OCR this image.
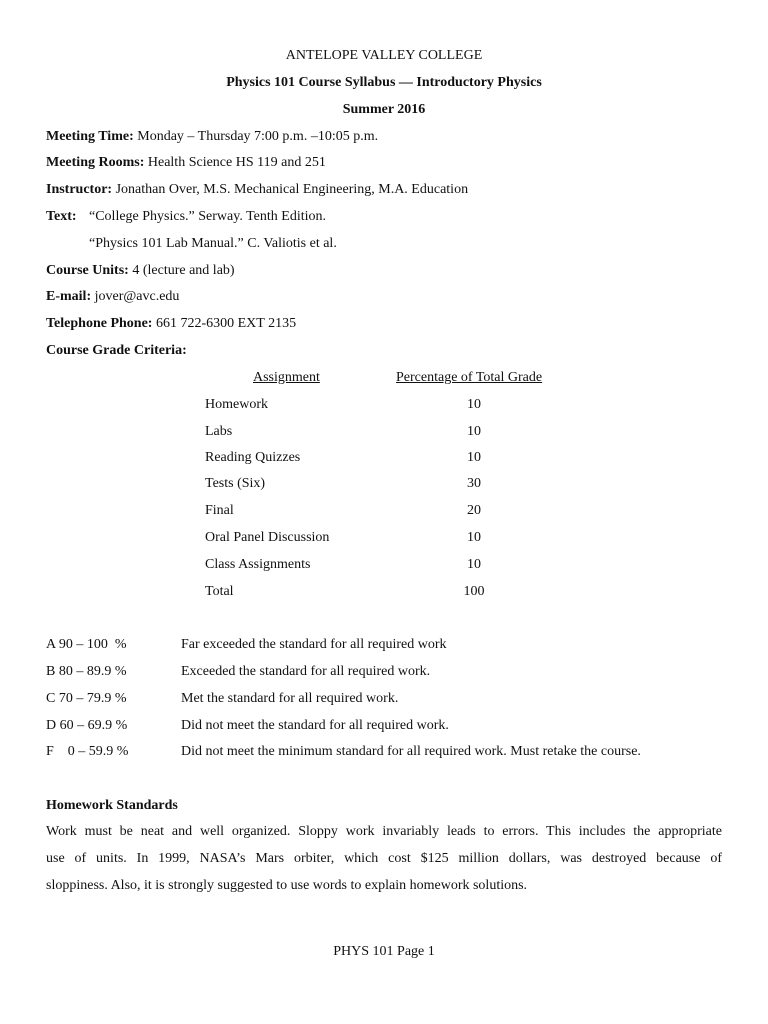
ANTELOPE VALLEY COLLEGE
Physics 101 Course Syllabus — Introductory Physics
Summer 2016
Meeting Time: Monday – Thursday 7:00 p.m. –10:05 p.m.
Meeting Rooms: Health Science HS 119 and 251
Instructor: Jonathan Over, M.S. Mechanical Engineering, M.A. Education
Text: “College Physics.” Serway. Tenth Edition.
“Physics 101 Lab Manual.” C. Valiotis et al.
Course Units: 4 (lecture and lab)
E-mail: jover@avc.edu
Telephone Phone: 661 722-6300 EXT 2135
Course Grade Criteria:
Assignment	Percentage of Total Grade
Homework	10
Labs	10
Reading Quizzes	10
Tests (Six)	30
Final	20
Oral Panel Discussion	10
Class Assignments	10
Total	100
A 90 – 100  %	Far exceeded the standard for all required work
B 80 – 89.9 %	Exceeded the standard for all required work.
C 70 – 79.9 %	Met the standard for all required work.
D 60 – 69.9 %	Did not meet the standard for all required work.
F    0 – 59.9 %	Did not meet the minimum standard for all required work. Must retake the course.
Homework Standards
Work must be neat and well organized. Sloppy work invariably leads to errors. This includes the appropriate
use of units. In 1999, NASA’s Mars orbiter, which cost $125 million dollars, was destroyed because of
sloppiness. Also, it is strongly suggested to use words to explain homework solutions.
PHYS 101 Page 1
